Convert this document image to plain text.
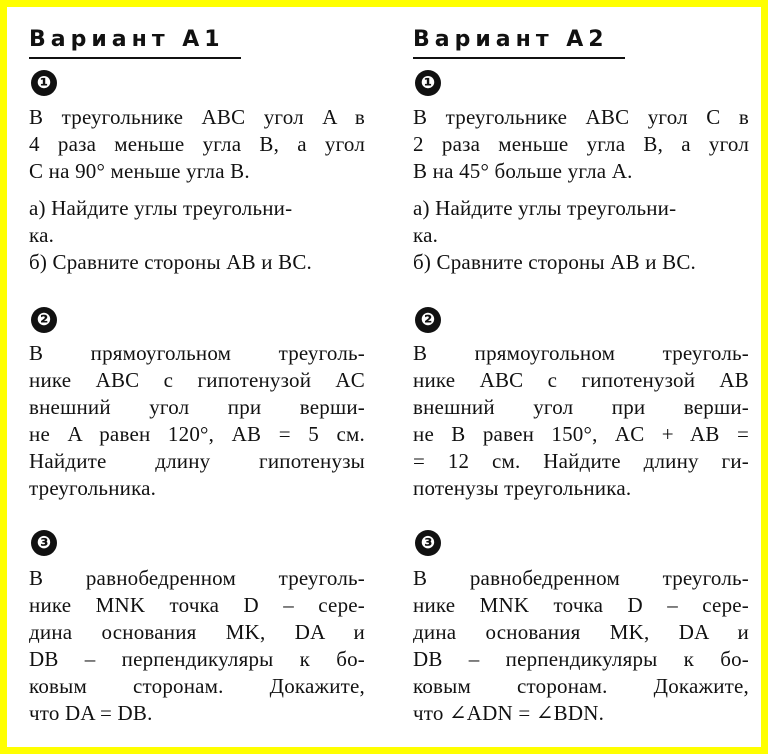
Вариант А1
❶
В треугольнике ABC угол A в
4 раза меньше угла B, а угол
C на 90° меньше угла B.
а) Найдите углы треугольни-
ка.
б) Сравните стороны AB и BC.
❷
В прямоугольном треуголь-
нике ABC с гипотенузой AC
внешний угол при верши-
не A равен 120°, AB = 5 см.
Найдите длину гипотенузы
треугольника.
❸
В равнобедренном треуголь-
нике MNK точка D – сере-
дина основания MK, DA и
DB – перпендикуляры к бо-
ковым сторонам. Докажите,
что DA = DB.
Вариант А2
❶
В треугольнике ABC угол C в
2 раза меньше угла B, а угол
B на 45° больше угла A.
а) Найдите углы треугольни-
ка.
б) Сравните стороны AB и BC.
❷
В прямоугольном треуголь-
нике ABC с гипотенузой AB
внешний угол при верши-
не B равен 150°, AC + AB =
= 12 см. Найдите длину ги-
потенузы треугольника.
❸
В равнобедренном треуголь-
нике MNK точка D – сере-
дина основания MK, DA и
DB – перпендикуляры к бо-
ковым сторонам. Докажите,
что ∠ADN = ∠BDN.
